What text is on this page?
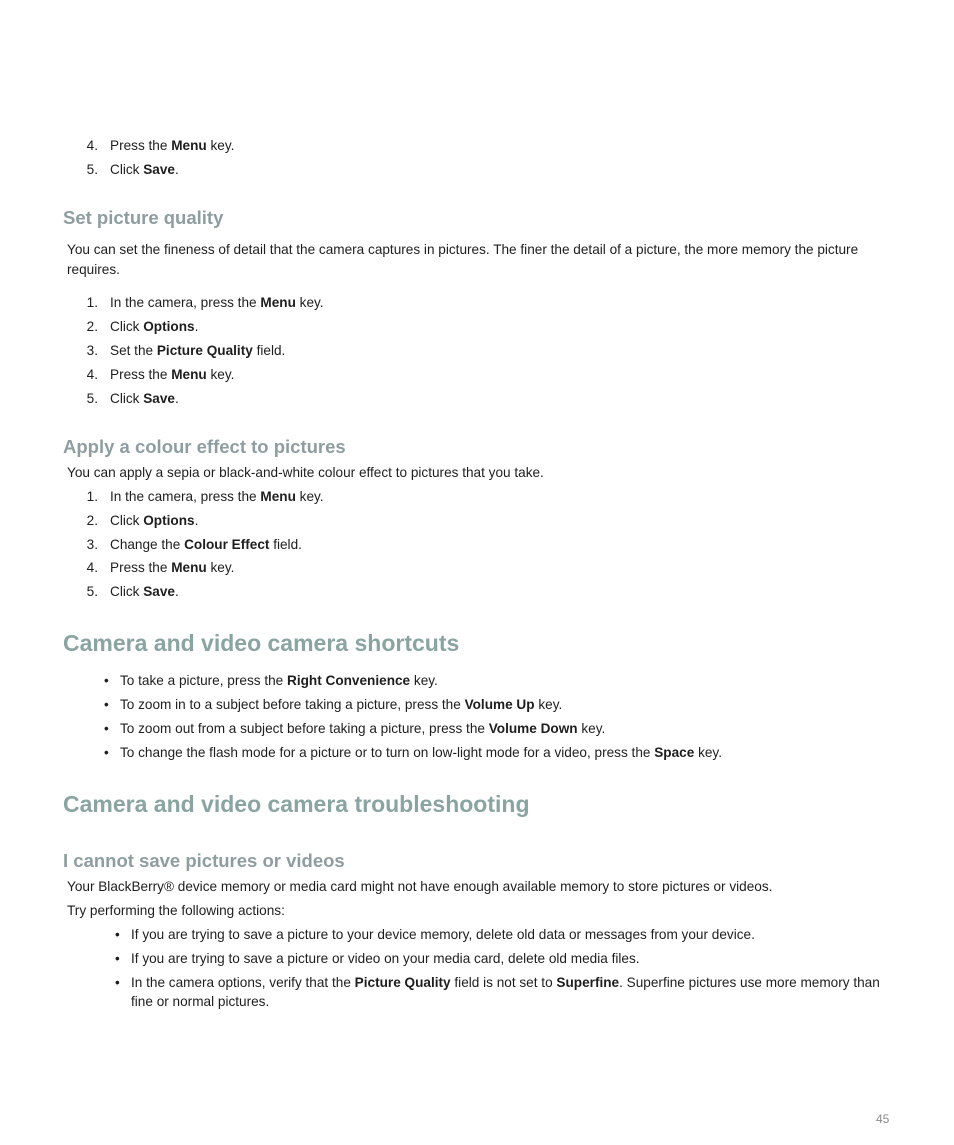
4. Press the Menu key.
5. Click Save.
Set picture quality
You can set the fineness of detail that the camera captures in pictures. The finer the detail of a picture, the more memory the picture
requires.
1. In the camera, press the Menu key.
2. Click Options.
3. Set the Picture Quality field.
4. Press the Menu key.
5. Click Save.
Apply a colour effect to pictures
You can apply a sepia or black-and-white colour effect to pictures that you take.
1. In the camera, press the Menu key.
2. Click Options.
3. Change the Colour Effect field.
4. Press the Menu key.
5. Click Save.
Camera and video camera shortcuts
• To take a picture, press the Right Convenience key.
• To zoom in to a subject before taking a picture, press the Volume Up key.
• To zoom out from a subject before taking a picture, press the Volume Down key.
• To change the flash mode for a picture or to turn on low-light mode for a video, press the Space key.
Camera and video camera troubleshooting
I cannot save pictures or videos
Your BlackBerry® device memory or media card might not have enough available memory to store pictures or videos.
Try performing the following actions:
• If you are trying to save a picture to your device memory, delete old data or messages from your device.
• If you are trying to save a picture or video on your media card, delete old media files.
• In the camera options, verify that the Picture Quality field is not set to Superfine. Superfine pictures use more memory than
fine or normal pictures.
45
